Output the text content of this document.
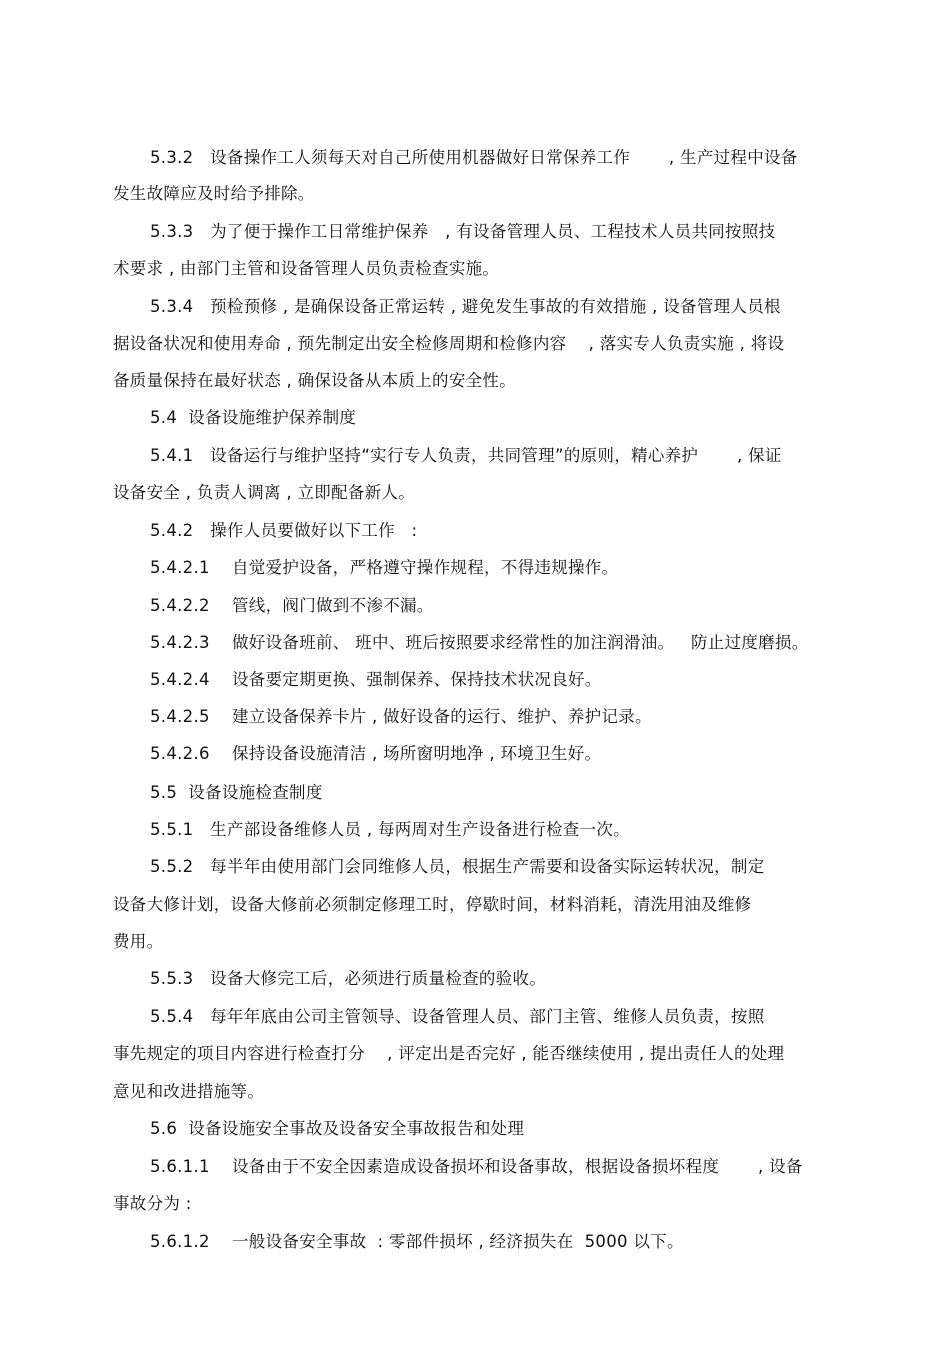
5.3.2   设备操作工人须每天对自己所使用机器做好日常保养工作       , 生产过程中设备

发生故障应及时给予排除。

5.3.3   为了便于操作工日常维护保养   , 有设备管理人员、工程技术人员共同按照技

术要求 , 由部门主管和设备管理人员负责检查实施。

5.3.4   预检预修 , 是确保设备正常运转 , 避免发生事故的有效措施 , 设备管理人员根

据设备状况和使用寿命 , 预先制定出安全检修周期和检修内容    , 落实专人负责实施 , 将设

备质量保持在最好状态 , 确保设备从本质上的安全性。

5.4  设备设施维护保养制度

5.4.1   设备运行与维护坚持“实行专人负责，共同管理”的原则，精心养护       , 保证

设备安全 , 负责人调离 , 立即配备新人。

5.4.2   操作人员要做好以下工作   :

5.4.2.1    自觉爱护设备，严格遵守操作规程，不得违规操作。

5.4.2.2    管线，阀门做到不渗不漏。

5.4.2.3    做好设备班前、 班中、班后按照要求经常性的加注润滑油。   防止过度磨损。

5.4.2.4    设备要定期更换、强制保养、保持技术状况良好。

5.4.2.5    建立设备保养卡片 , 做好设备的运行、维护、养护记录。

5.4.2.6    保持设备设施清洁 , 场所窗明地净 , 环境卫生好。

5.5  设备设施检查制度

5.5.1   生产部设备维修人员 , 每两周对生产设备进行检查一次。

5.5.2   每半年由使用部门会同维修人员，根据生产需要和设备实际运转状况，制定

设备大修计划，设备大修前必须制定修理工时，停歇时间，材料消耗，清洗用油及维修

费用。

5.5.3   设备大修完工后，必须进行质量检查的验收。

5.5.4   每年年底由公司主管领导、设备管理人员、部门主管、维修人员负责，按照

事先规定的项目内容进行检查打分    , 评定出是否完好 , 能否继续使用 , 提出责任人的处理

意见和改进措施等。

5.6  设备设施安全事故及设备安全事故报告和处理

5.6.1.1    设备由于不安全因素造成设备损坏和设备事故，根据设备损坏程度       , 设备

事故分为 :

5.6.1.2    一般设备安全事故  : 零部件损坏 , 经济损失在  5000 以下。
